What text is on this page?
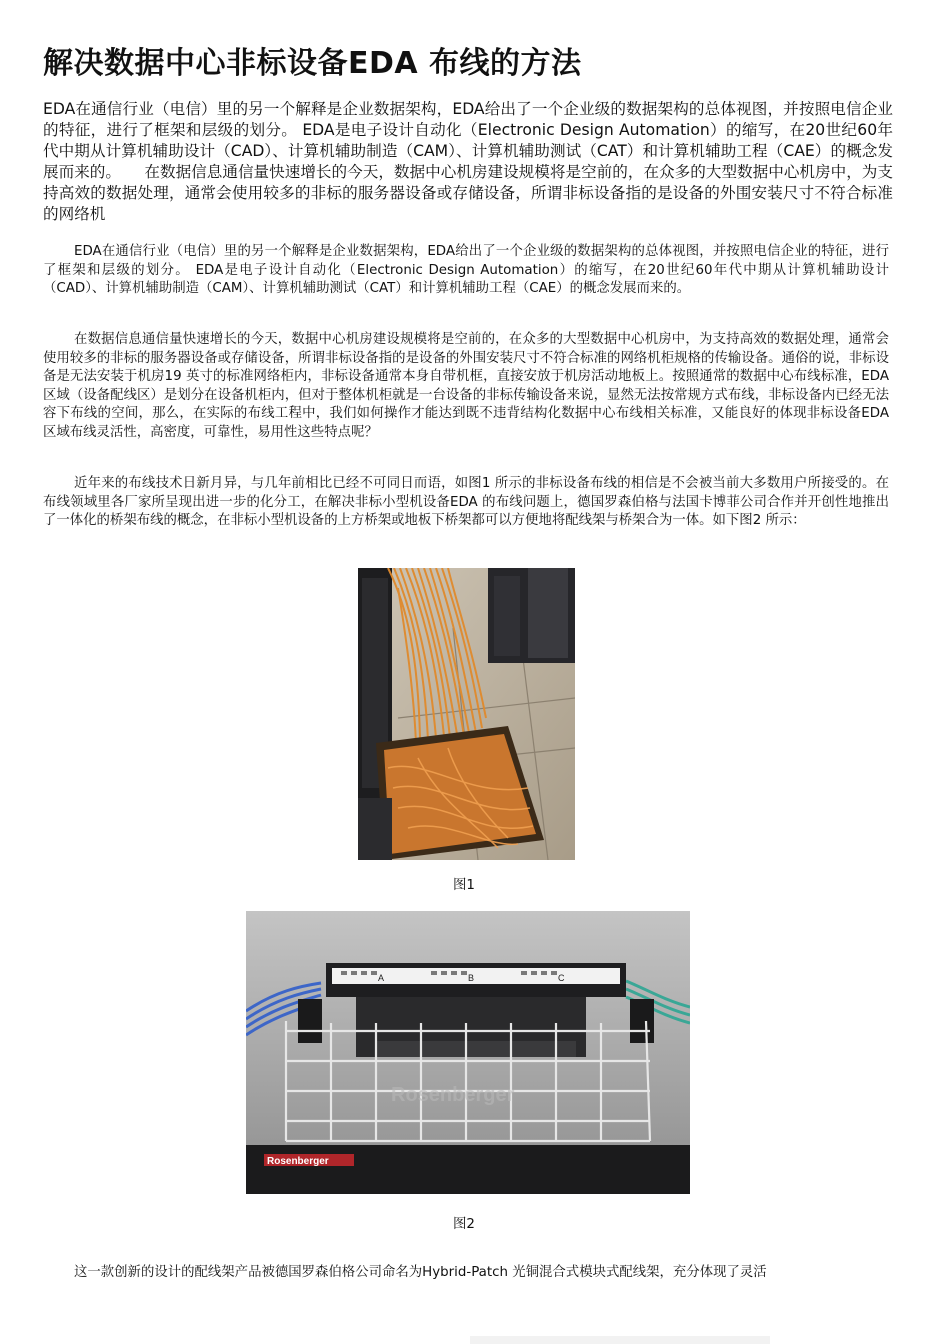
解决数据中心非标设备EDA 布线的方法
EDA在通信行业（电信）里的另一个解释是企业数据架构，EDA给出了一个企业级的数据架构的总体视图，并按照电信企业的特征，进行了框架和层级的划分。 EDA是电子设计自动化（Electronic Design Automation）的缩写，在20世纪60年代中期从计算机辅助设计（CAD）、计算机辅助制造（CAM）、计算机辅助测试（CAT）和计算机辅助工程（CAE）的概念发展而来的。　　在数据信息通信量快速增长的今天，数据中心机房建设规模将是空前的，在众多的大型数据中心机房中，为支持高效的数据处理，通常会使用较多的非标的服务器设备或存储设备，所谓非标设备指的是设备的外围安装尺寸不符合标准的网络机
EDA在通信行业（电信）里的另一个解释是企业数据架构，EDA给出了一个企业级的数据架构的总体视图，并按照电信企业的特征，进行了框架和层级的划分。 EDA是电子设计自动化（Electronic Design Automation）的缩写，在20世纪60年代中期从计算机辅助设计（CAD）、计算机辅助制造（CAM）、计算机辅助测试（CAT）和计算机辅助工程（CAE）的概念发展而来的。
在数据信息通信量快速增长的今天，数据中心机房建设规模将是空前的，在众多的大型数据中心机房中，为支持高效的数据处理，通常会使用较多的非标的服务器设备或存储设备，所谓非标设备指的是设备的外围安装尺寸不符合标准的网络机柜规格的传输设备。通俗的说，非标设备是无法安装于机房19 英寸的标准网络柜内，非标设备通常本身自带机框，直接安放于机房活动地板上。按照通常的数据中心布线标准，EDA 区域（设备配线区）是划分在设备机柜内，但对于整体机柜就是一台设备的非标传输设备来说，显然无法按常规方式布线，非标设备内已经无法容下布线的空间，那么，在实际的布线工程中，我们如何操作才能达到既不违背结构化数据中心布线相关标准，又能良好的体现非标设备EDA 区域布线灵活性，高密度，可靠性，易用性这些特点呢？
近年来的布线技术日新月异，与几年前相比已经不可同日而语，如图1 所示的非标设备布线的相信是不会被当前大多数用户所接受的。在布线领域里各厂家所呈现出进一步的化分工，在解决非标小型机设备EDA 的布线问题上，德国罗森伯格与法国卡博菲公司合作并开创性地推出了一体化的桥架布线的概念，在非标小型机设备的上方桥架或地板下桥架都可以方便地将配线架与桥架合为一体。如下图2 所示：
图1
A	B	C
Rosenberger
Rosenberger
图2
这一款创新的设计的配线架产品被德国罗森伯格公司命名为Hybrid-Patch 光铜混合式模块式配线架，充分体现了灵活
